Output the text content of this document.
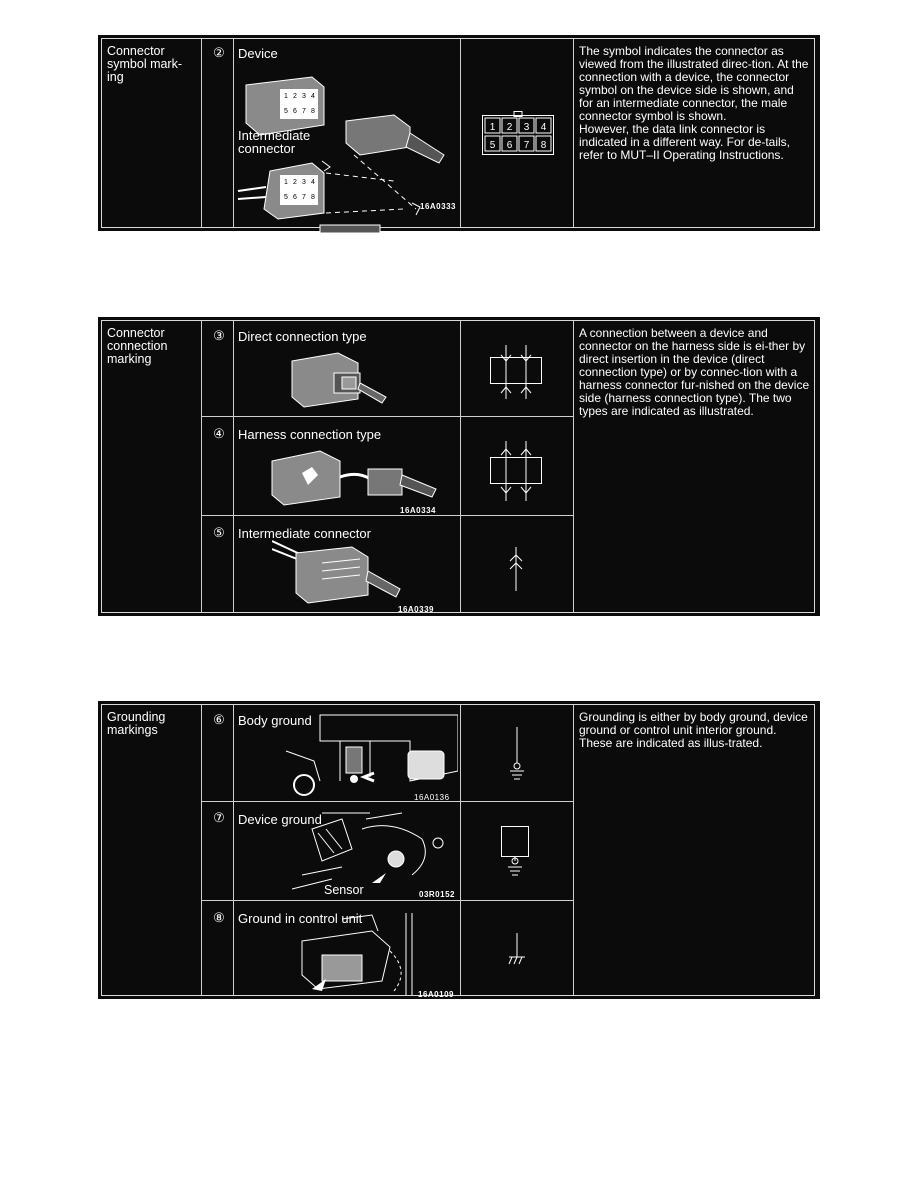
Connector symbol mark-ing
②	Device
1 2 3 4
5 6 7 8
1 2 3 4
5 6 7 8
Intermediate connector
16A0333
1 2 3 4
5 6 7 8

The symbol indicates the connector as viewed from the illustrated direc-tion. At the connection with a device, the connector symbol on the device side is shown, and for an intermediate connector, the male connector symbol is shown.

However, the data link connector is indicated in a different way. For de-tails, refer to MUT–II Operating Instructions.

Connector connection marking
③	Direct connection type
④	Harness connection type
16A0334
⑤	Intermediate connector
16A0339
A connection between a device and connector on the harness side is ei-ther by direct insertion in the device (direct connection type) or by connec-tion with a harness connector fur-nished on the device side (harness connection type). The two types are indicated as illustrated.
Grounding markings
⑥	Body ground
16A0136
⑦	Device ground
Sensor	03R0152
⑧	Ground in control unit
16A0109
Grounding is either by body ground, device ground or control unit interior ground. These are indicated as illus-trated.
